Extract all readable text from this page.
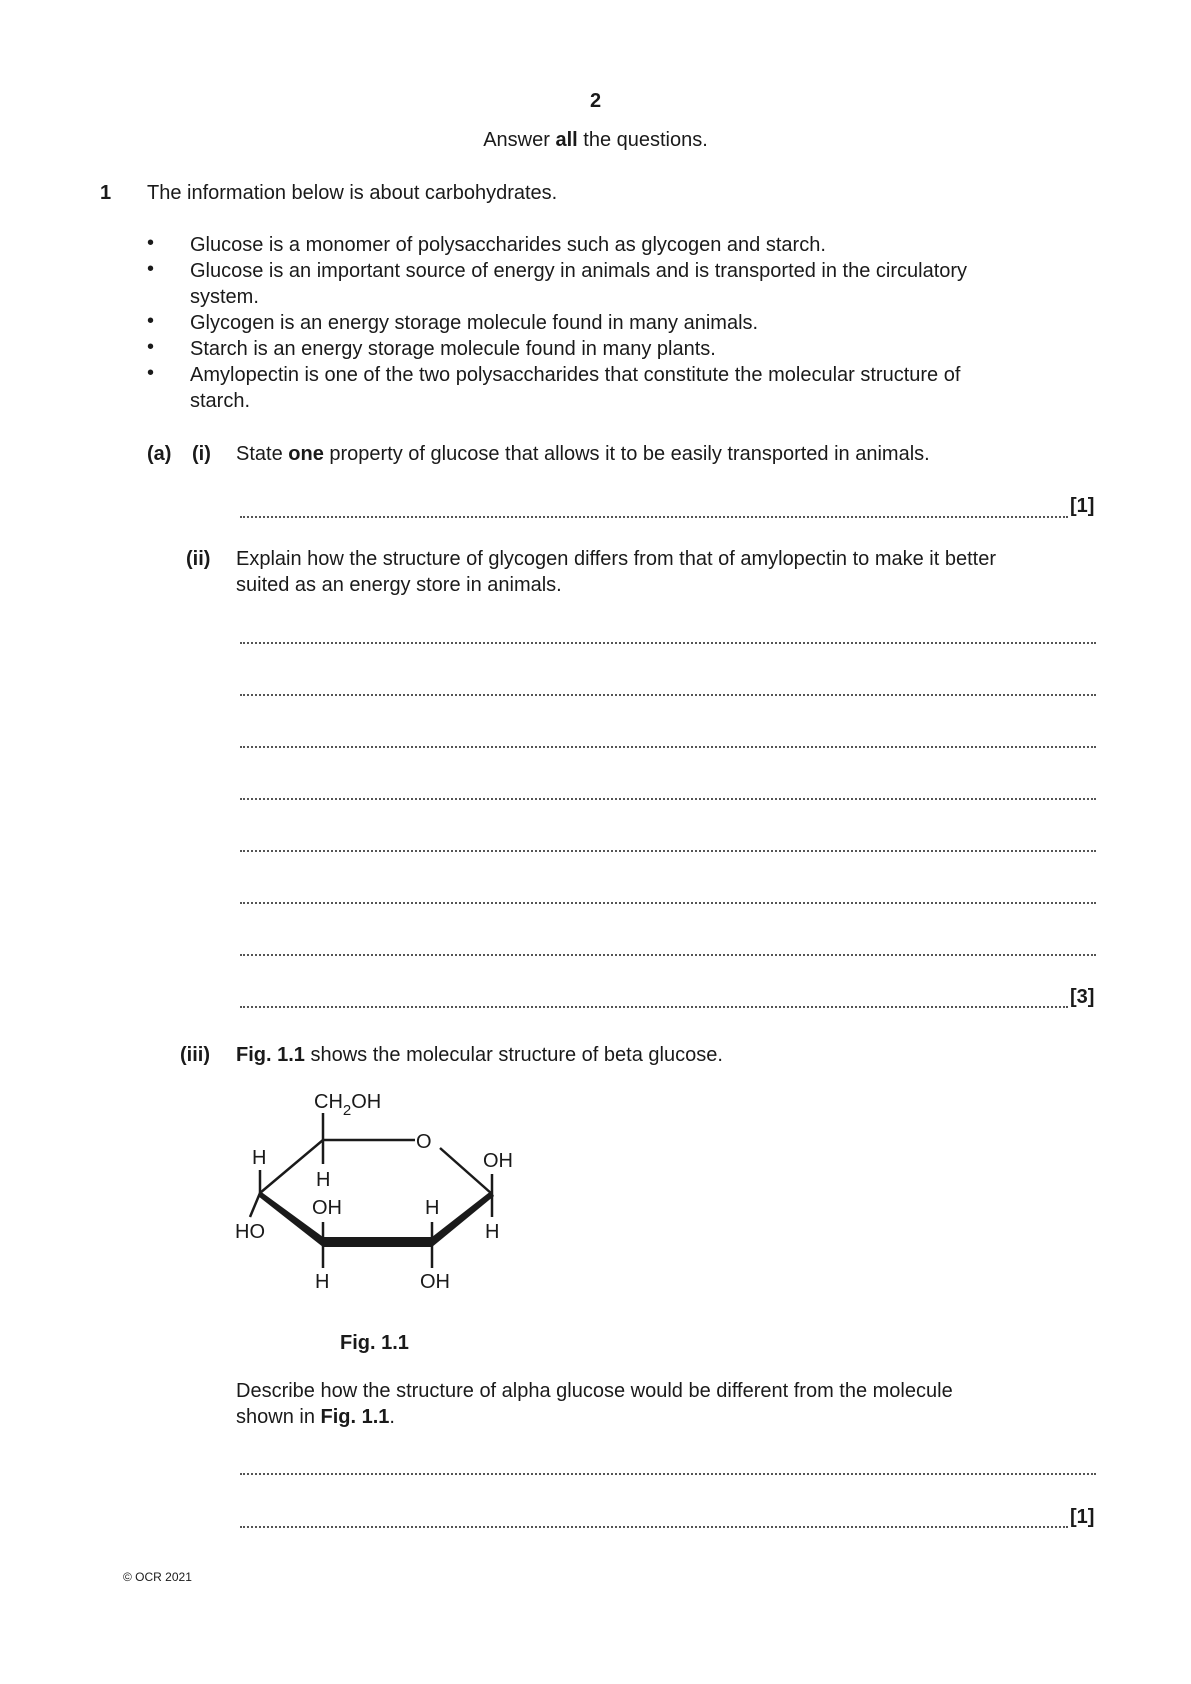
2
Answer all the questions.
1 The information below is about carbohydrates.
• Glucose is a monomer of polysaccharides such as glycogen and starch.
• Glucose is an important source of energy in animals and is transported in the circulatory
system.
• Glycogen is an energy storage molecule found in many animals.
• Starch is an energy storage molecule found in many plants.
• Amylopectin is one of the two polysaccharides that constitute the molecular structure of
starch.
(a) (i) State one property of glucose that allows it to be easily transported in animals.
[1]
(ii) Explain how the structure of glycogen differs from that of amylopectin to make it better
suited as an energy store in animals.
[3]
(iii) Fig. 1.1 shows the molecular structure of beta glucose.
$CH_2OH$
O
OH
H
H
OH
OH
H
H
HO
H
Fig. 1.1
Describe how the structure of alpha glucose would be different from the molecule
shown in Fig. 1.1.
[1]
© OCR 2021
